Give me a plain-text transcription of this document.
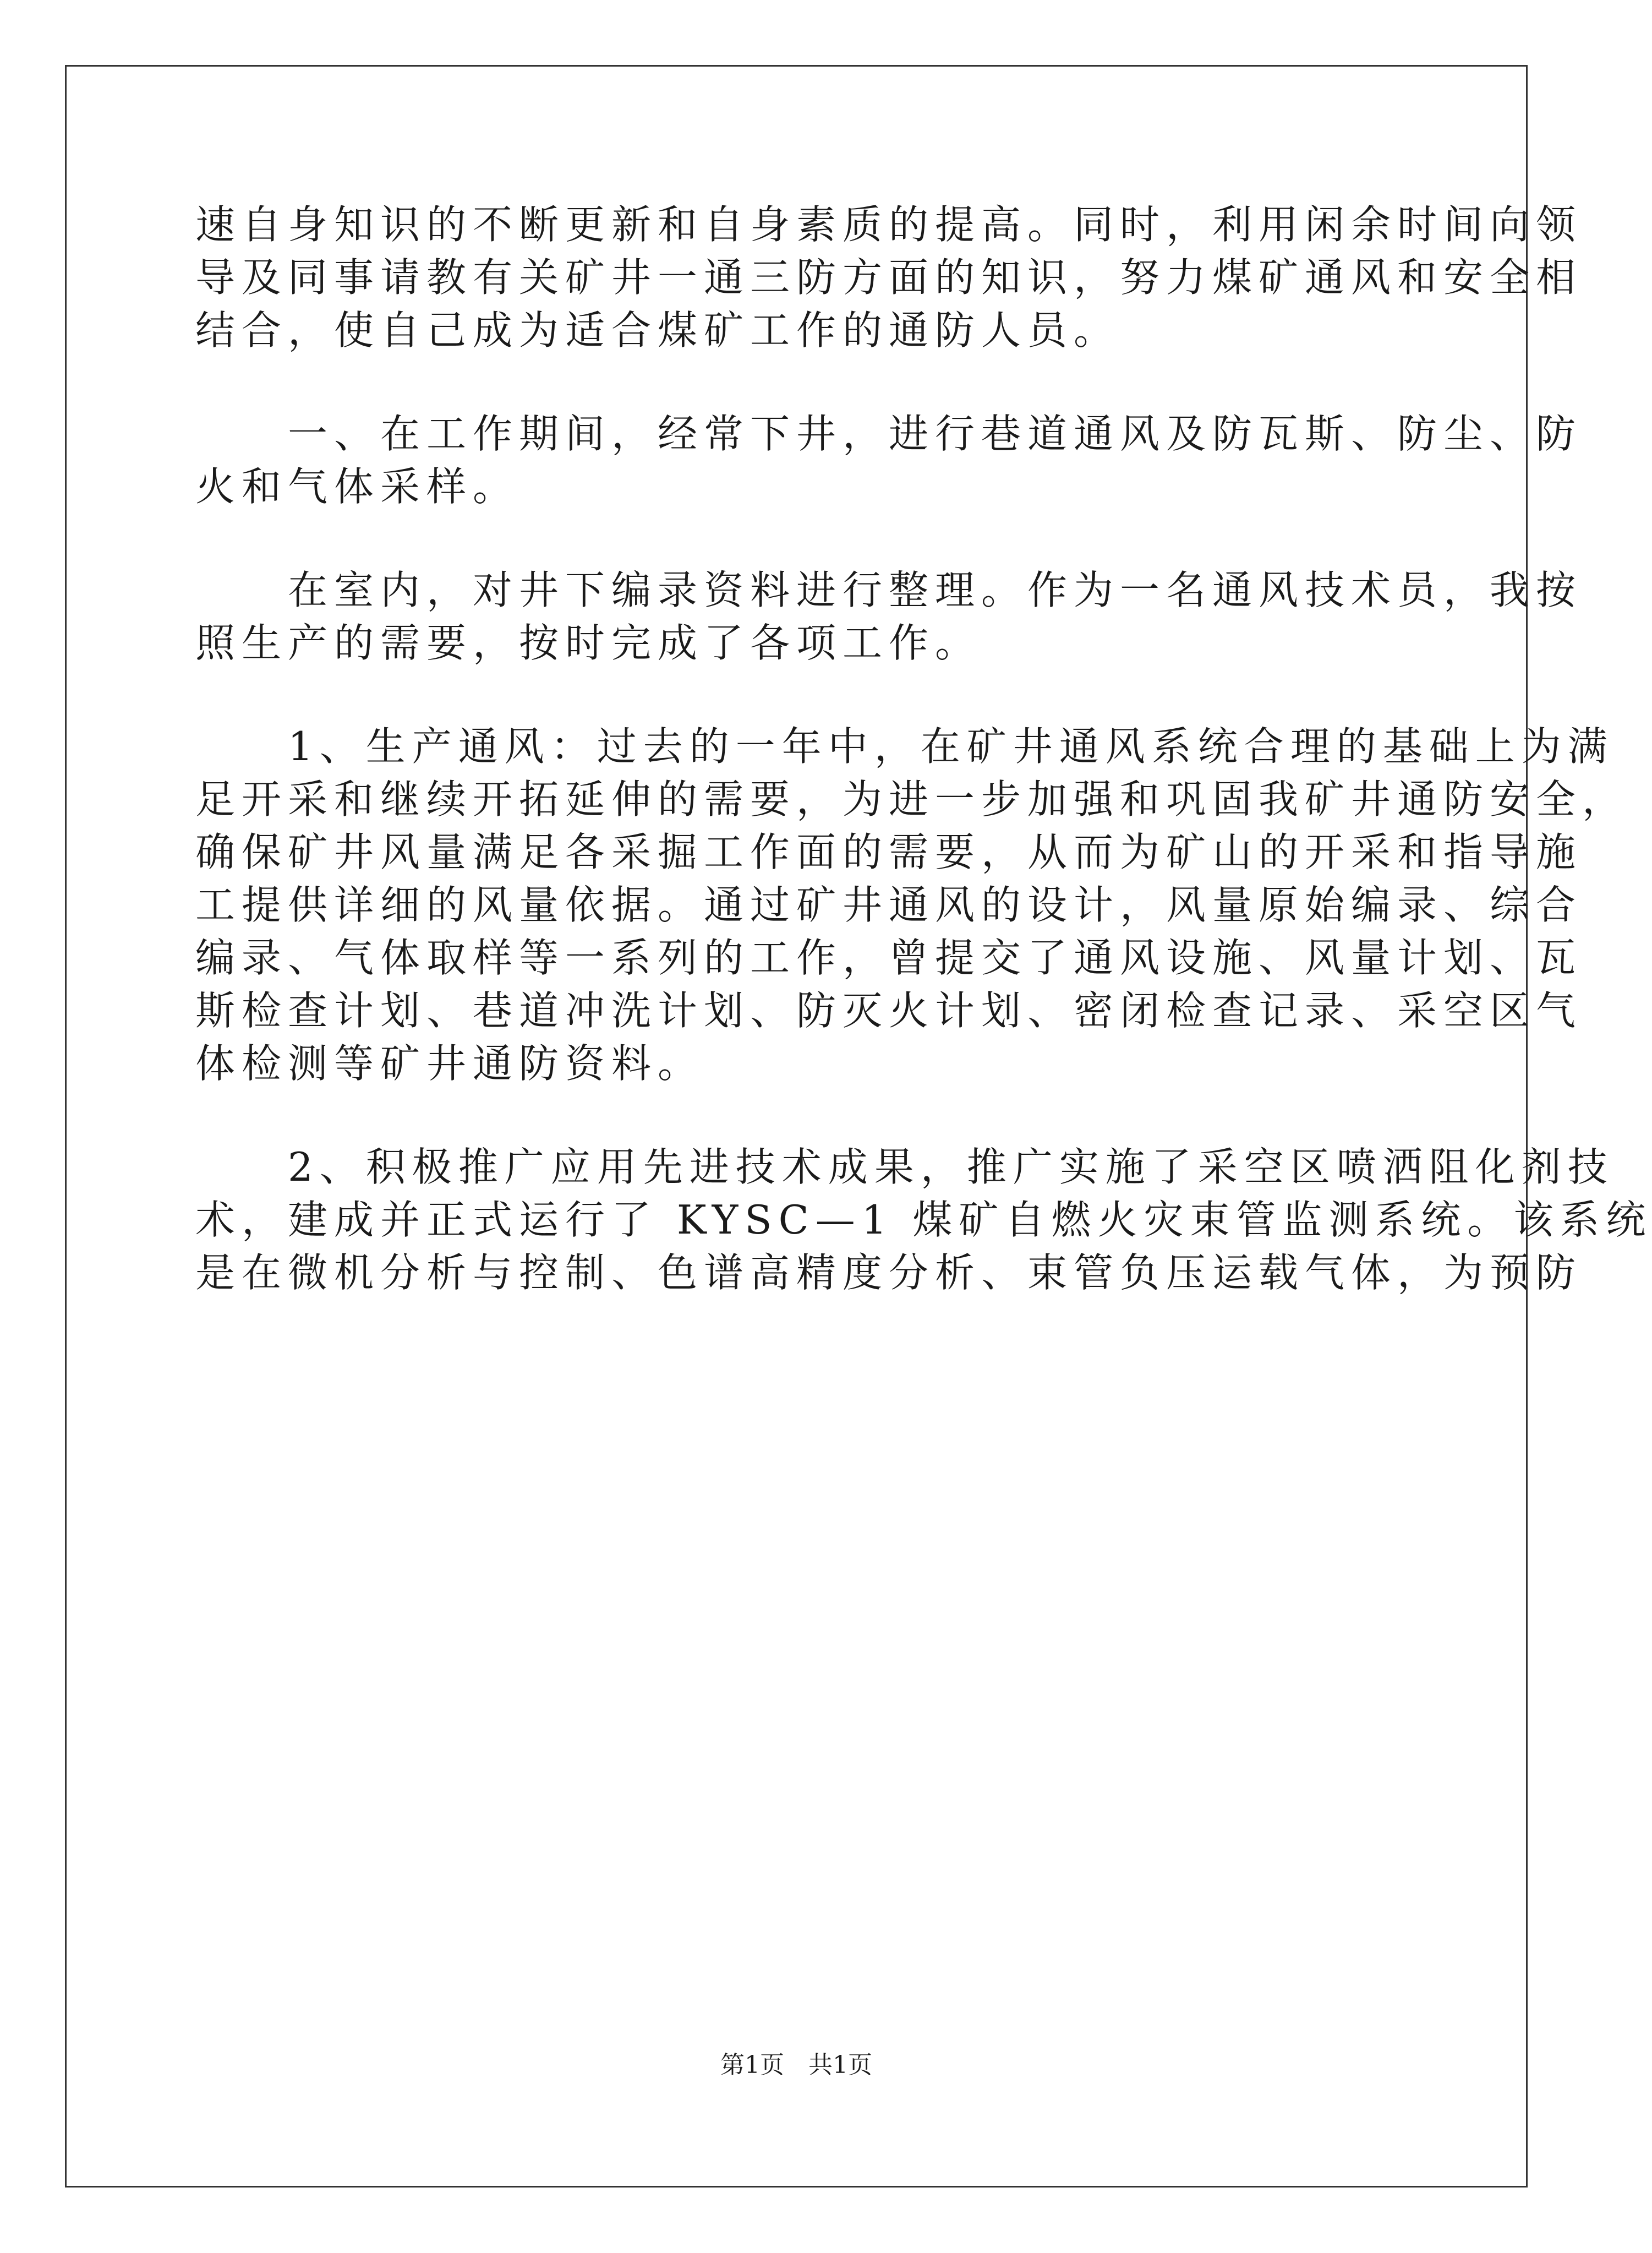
速自身知识的不断更新和自身素质的提高。同时，利用闲余时间向领
导及同事请教有关矿井一通三防方面的知识，努力煤矿通风和安全相
结合，使自己成为适合煤矿工作的通防人员。
一、在工作期间，经常下井，进行巷道通风及防瓦斯、防尘、防
火和气体采样。
在室内，对井下编录资料进行整理。作为一名通风技术员，我按
照生产的需要，按时完成了各项工作。
1、生产通风：过去的一年中，在矿井通风系统合理的基础上为满
足开采和继续开拓延伸的需要，为进一步加强和巩固我矿井通防安全，
确保矿井风量满足各采掘工作面的需要，从而为矿山的开采和指导施
工提供详细的风量依据。通过矿井通风的设计，风量原始编录、综合
编录、气体取样等一系列的工作，曾提交了通风设施、风量计划、瓦
斯检查计划、巷道冲洗计划、防灭火计划、密闭检查记录、采空区气
体检测等矿井通防资料。
2、积极推广应用先进技术成果，推广实施了采空区喷洒阻化剂技
术，建成并正式运行了 KYSC—1 煤矿自燃火灾束管监测系统。该系统
是在微机分析与控制、色谱高精度分析、束管负压运载气体，为预防
第1页　共1页
